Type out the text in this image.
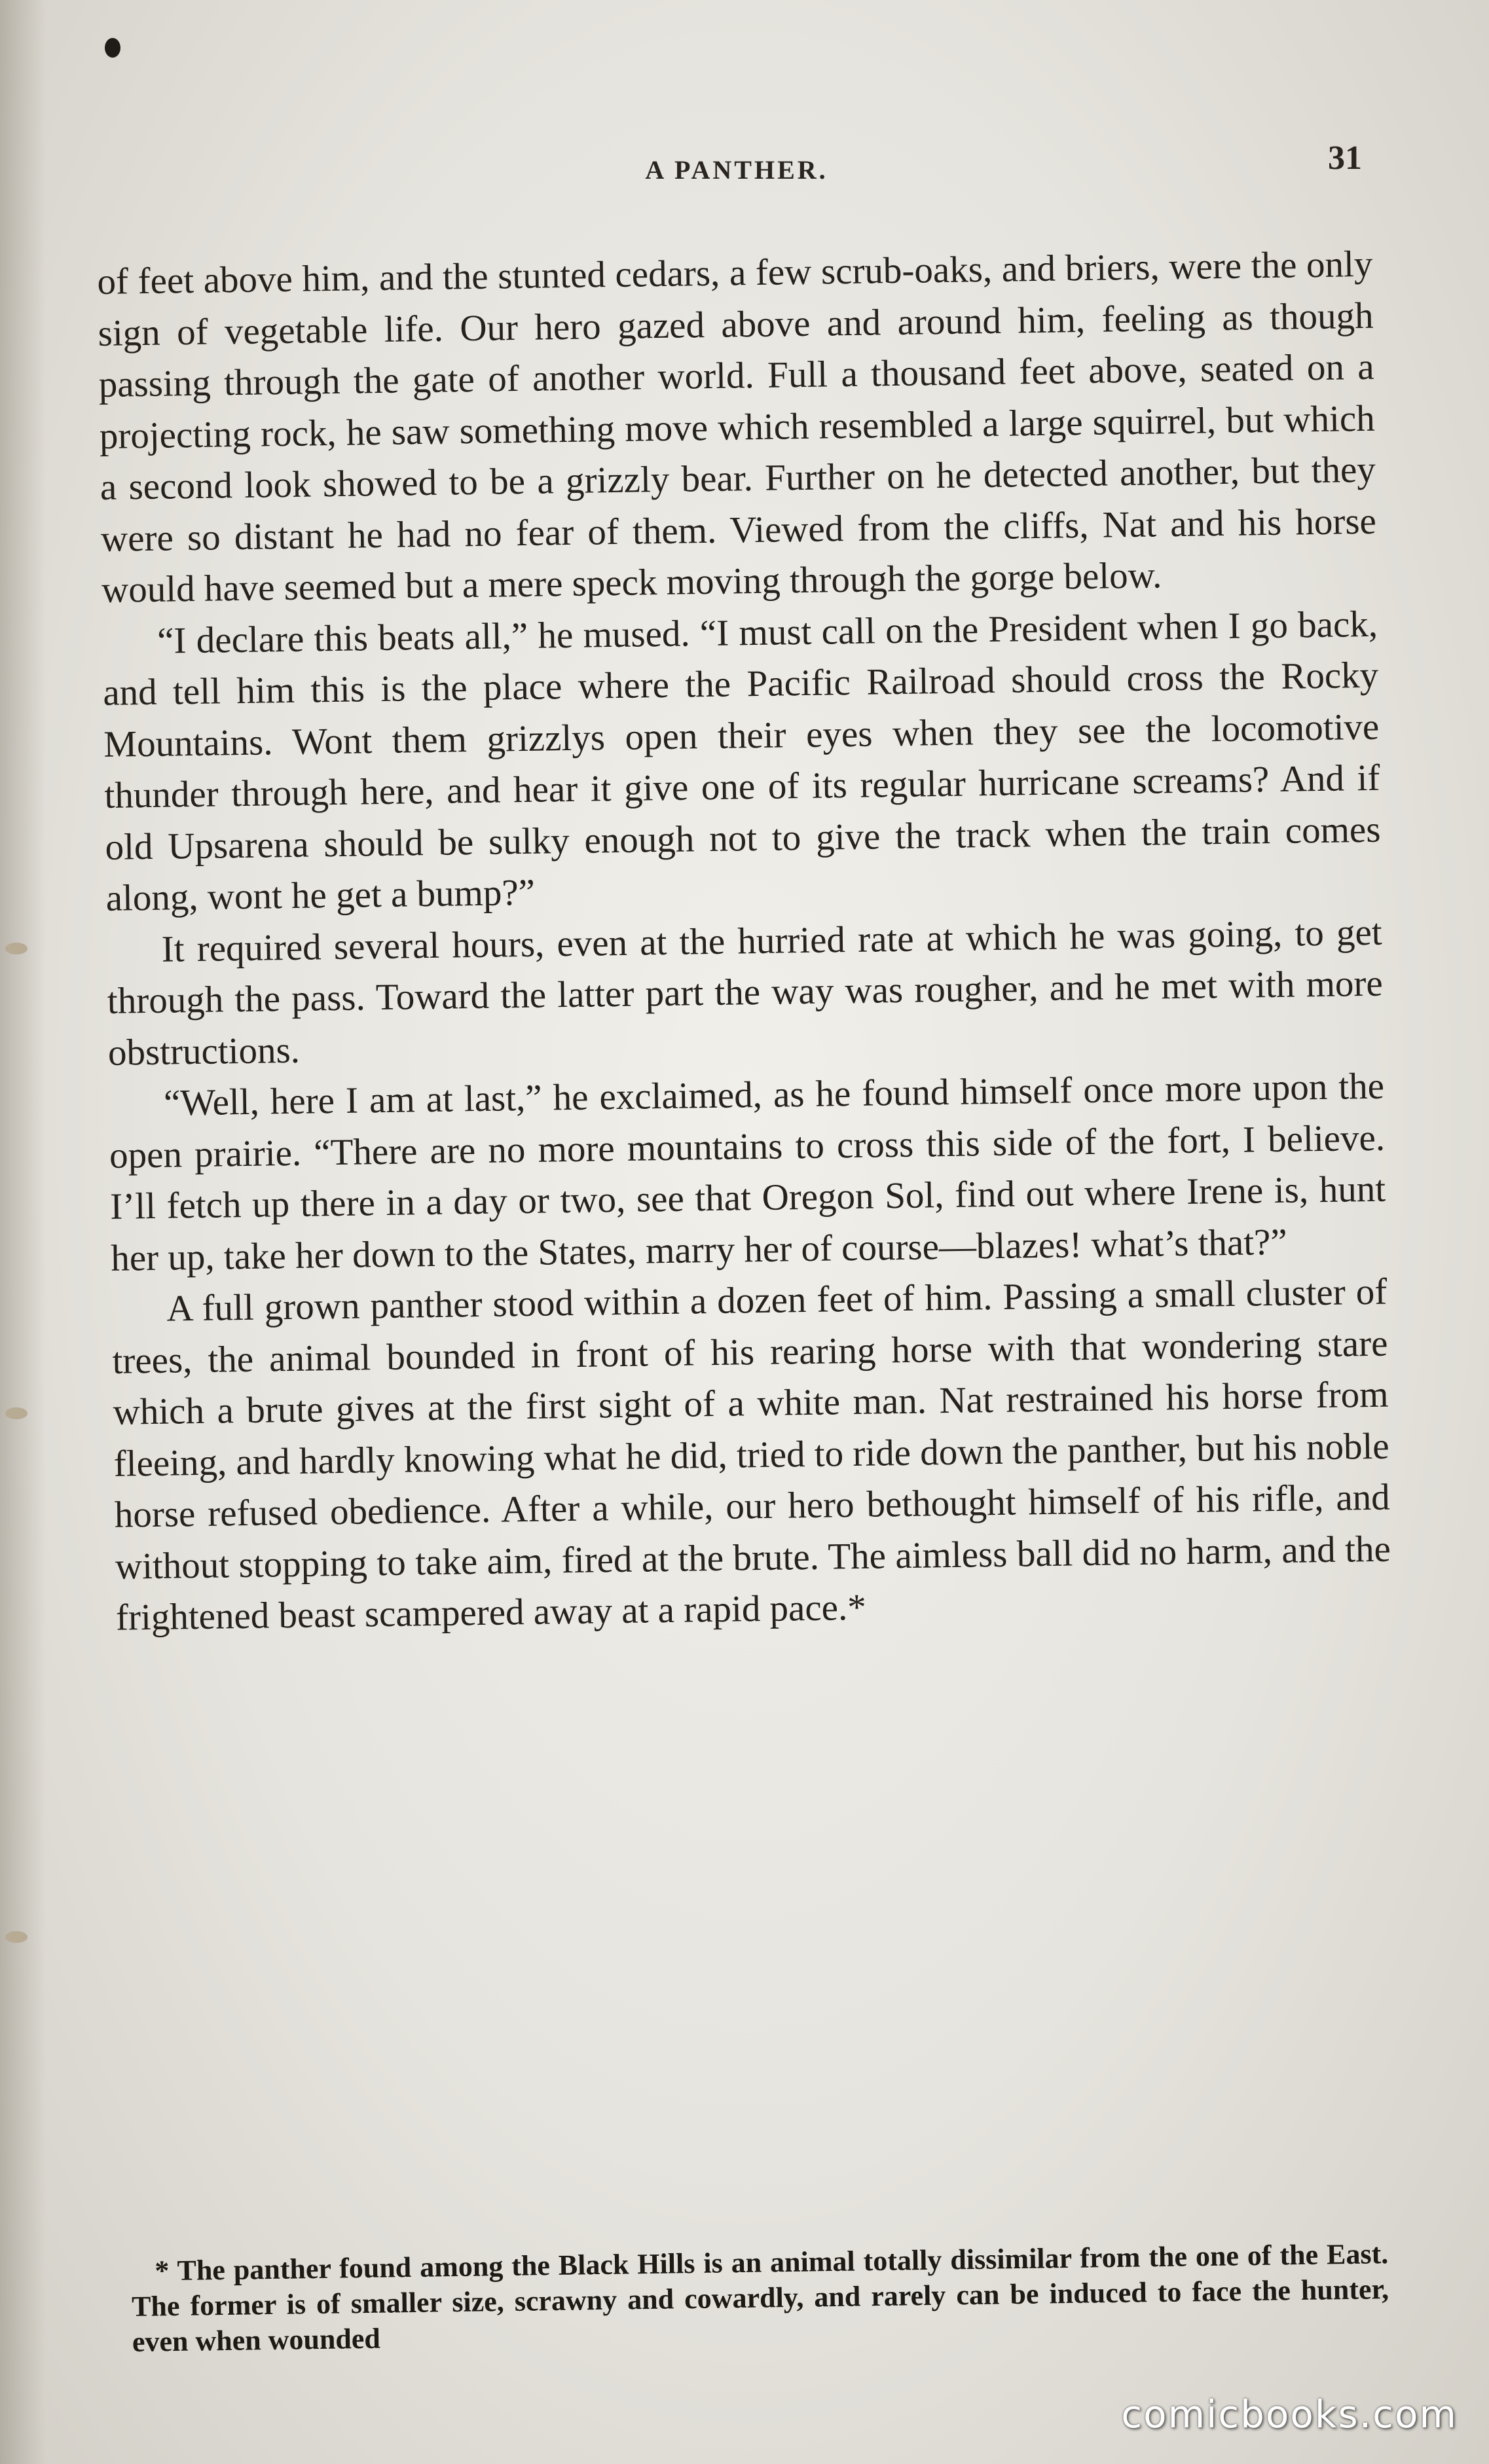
A PANTHER.	31

of feet above him, and the stunted cedars, a few scrub-oaks, and briers, were the only sign of vegetable life. Our hero gazed above and around him, feeling as though passing through the gate of another world. Full a thousand feet above, seated on a projecting rock, he saw something move which resembled a large squirrel, but which a second look showed to be a grizzly bear. Further on he detected another, but they were so distant he had no fear of them. Viewed from the cliffs, Nat and his horse would have seemed but a mere speck moving through the gorge below.

“I declare this beats all,” he mused. “I must call on the President when I go back, and tell him this is the place where the Pacific Railroad should cross the Rocky Mountains. Wont them grizzlys open their eyes when they see the locomotive thunder through here, and hear it give one of its regular hurricane screams? And if old Upsarena should be sulky enough not to give the track when the train comes along, wont he get a bump?”

It required several hours, even at the hurried rate at which he was going, to get through the pass. Toward the latter part the way was rougher, and he met with more obstructions.

“Well, here I am at last,” he exclaimed, as he found himself once more upon the open prairie. “There are no more mountains to cross this side of the fort, I believe. I’ll fetch up there in a day or two, see that Oregon Sol, find out where Irene is, hunt her up, take her down to the States, marry her of course—blazes! what’s that?”

A full grown panther stood within a dozen feet of him. Passing a small cluster of trees, the animal bounded in front of his rearing horse with that wondering stare which a brute gives at the first sight of a white man. Nat restrained his horse from fleeing, and hardly knowing what he did, tried to ride down the panther, but his noble horse refused obedience. After a while, our hero bethought himself of his rifle, and without stopping to take aim, fired at the brute. The aimless ball did no harm, and the frightened beast scampered away at a rapid pace.*

* The panther found among the Black Hills is an animal totally dissimilar from the one of the East. The former is of smaller size, scrawny and cowardly, and rarely can be induced to face the hunter, even when wounded

comicbooks.com
